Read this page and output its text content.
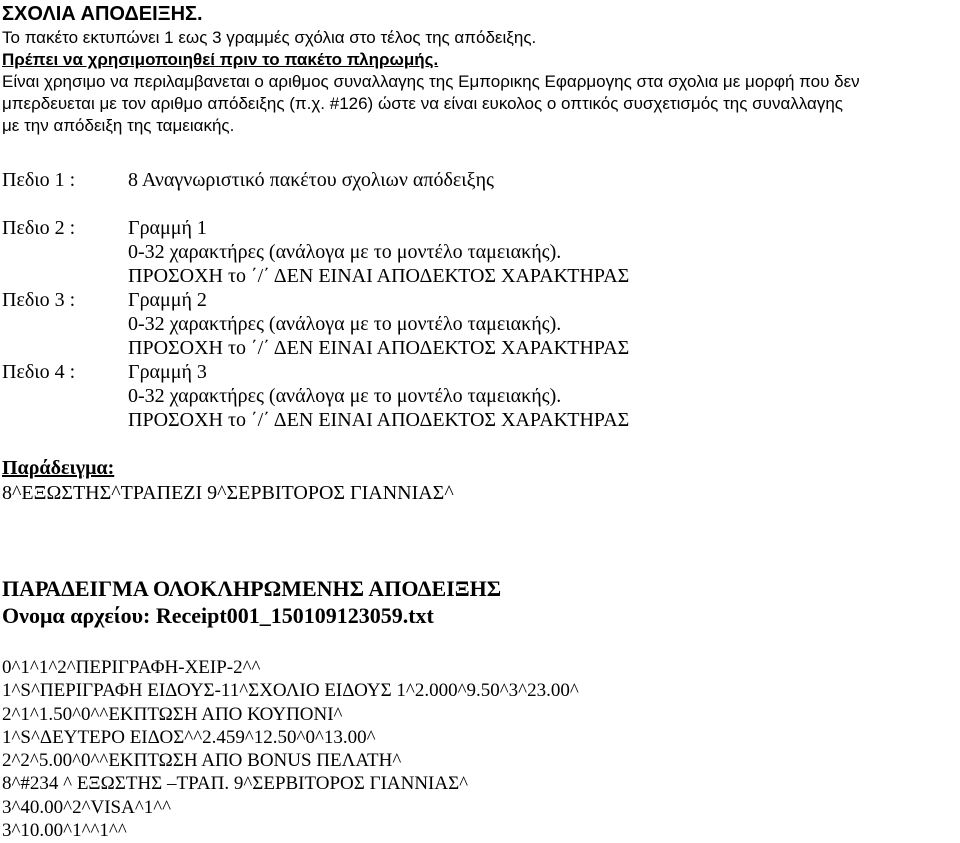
ΣΧΟΛΙΑ ΑΠΟΔΕΙΞΗΣ.
Το πακέτο εκτυπώνει 1 εως 3 γραμμές σχόλια στο τέλος της απόδειξης.
Πρέπει να χρησιμοποιηθεί πριν το πακέτο πληρωμής.
Είναι χρησιμο να περιλαμβανεται ο αριθμος συναλλαγης της Εμπορικης Εφαρμογης στα σχολια με μορφή που δεν
μπερδευεται με τον αριθμο απόδειξης (π.χ. #126) ώστε να είναι ευκολος ο οπτικός συσχετισμός της συναλλαγης
με την απόδειξη της ταμειακής.
Πεδιο 1 :	8 Αναγνωριστικό πακέτου σχολιων απόδειξης
Πεδιο 2 :	Γραμμή 1
0-32 χαρακτήρες (ανάλογα με το μοντέλο ταμειακής).
ΠΡΟΣΟΧΗ το ΄/΄ ΔΕΝ ΕΙΝΑΙ ΑΠΟΔΕΚΤΟΣ ΧΑΡΑΚΤΗΡΑΣ
Πεδιο 3 :	Γραμμή 2
0-32 χαρακτήρες (ανάλογα με το μοντέλο ταμειακής).
ΠΡΟΣΟΧΗ το ΄/΄ ΔΕΝ ΕΙΝΑΙ ΑΠΟΔΕΚΤΟΣ ΧΑΡΑΚΤΗΡΑΣ
Πεδιο 4 :	Γραμμή 3
0-32 χαρακτήρες (ανάλογα με το μοντέλο ταμειακής).
ΠΡΟΣΟΧΗ το ΄/΄ ΔΕΝ ΕΙΝΑΙ ΑΠΟΔΕΚΤΟΣ ΧΑΡΑΚΤΗΡΑΣ
Παράδειγμα:
8^ΕΞΩΣΤΗΣ^ΤΡΑΠΕΖΙ 9^ΣΕΡΒΙΤΟΡΟΣ ΓΙΑΝΝΙΑΣ^
ΠΑΡΑΔΕΙΓΜΑ ΟΛΟΚΛΗΡΩΜΕΝΗΣ ΑΠΟΔΕΙΞΗΣ
Ονομα αρχείου: Receipt001_150109123059.txt
0^1^1^2^ΠΕΡΙΓΡΑΦΗ-ΧΕΙΡ-2^^
1^S^ΠΕΡΙΓΡΑΦΗ ΕΙΔΟΥΣ-11^ΣΧΟΛΙΟ ΕΙΔΟΥΣ 1^2.000^9.50^3^23.00^
2^1^1.50^0^^ΕΚΠΤΩΣΗ ΑΠΟ ΚΟΥΠΟΝΙ^
1^S^ΔΕΥΤΕΡΟ ΕΙΔΟΣ^^2.459^12.50^0^13.00^
2^2^5.00^0^^ΕΚΠΤΩΣΗ ΑΠΟ BONUS ΠΕΛΑΤΗ^
8^#234 ^ ΕΞΩΣΤΗΣ –ΤΡΑΠ. 9^ΣΕΡΒΙΤΟΡΟΣ ΓΙΑΝΝΙΑΣ^
3^40.00^2^VISA^1^^
3^10.00^1^^1^^
